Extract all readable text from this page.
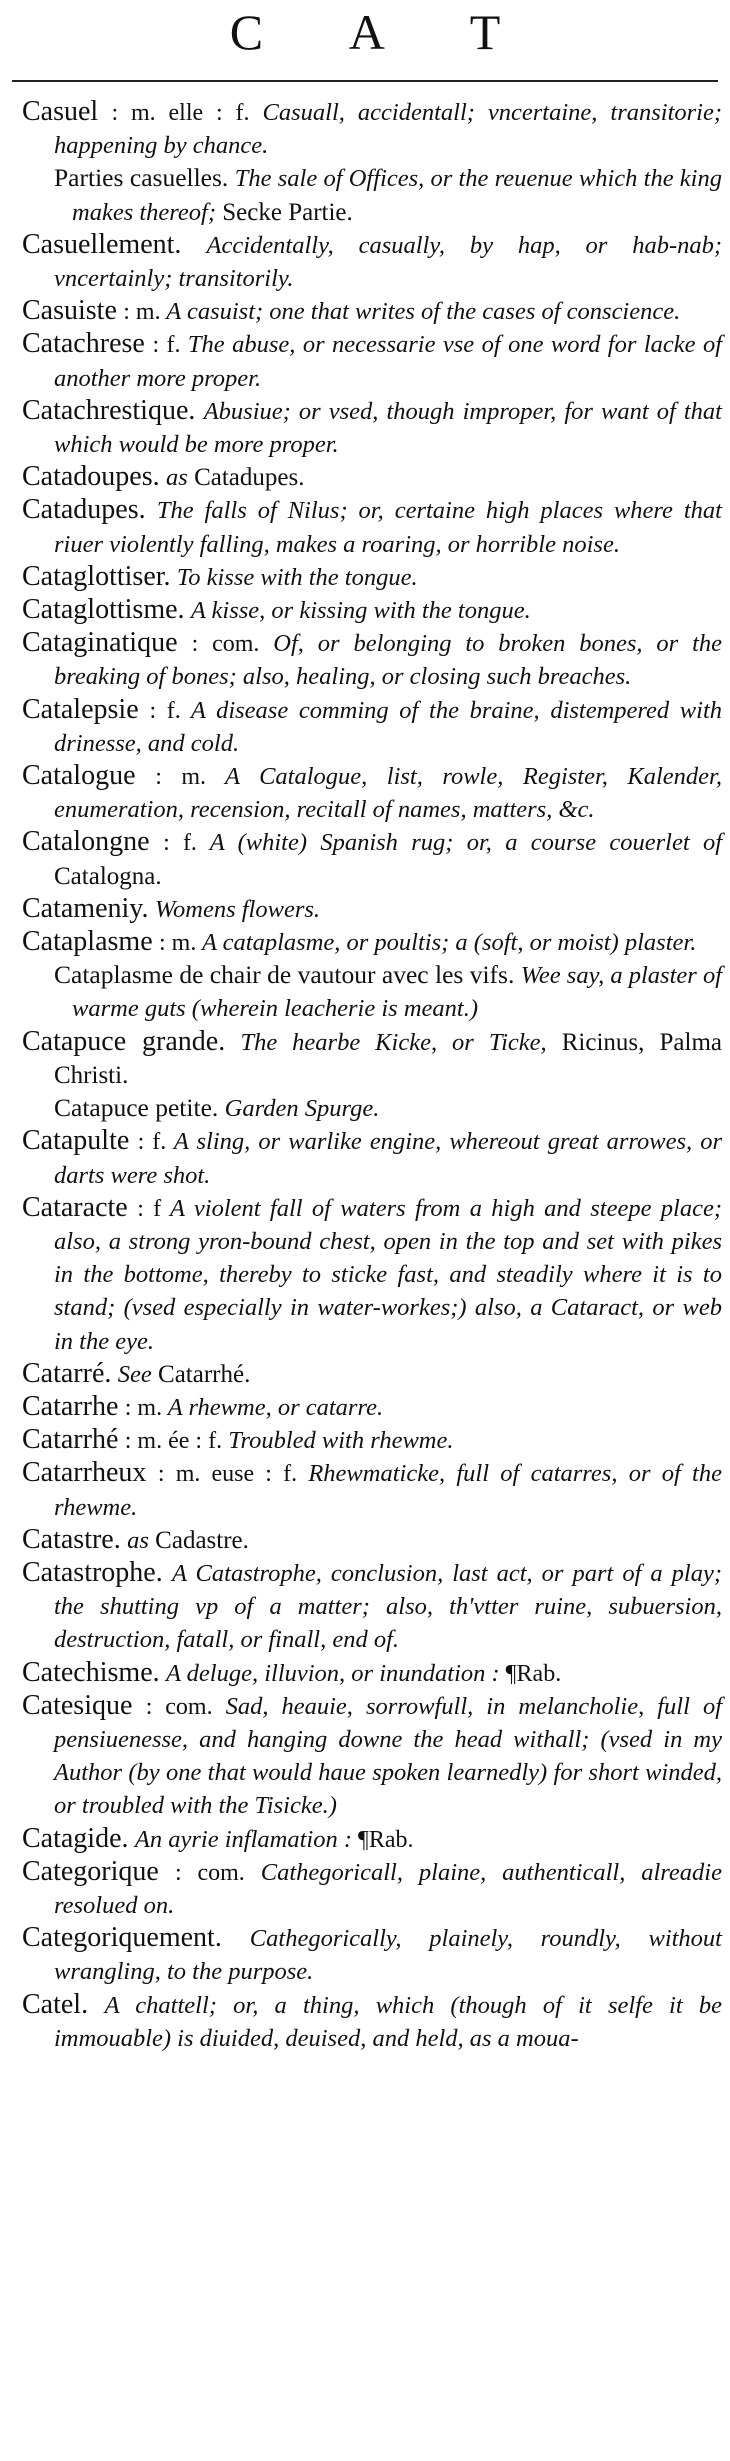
C A T

Casuel : m. elle : f. Casuall, accidentall; vncertaine, transitorie; happening by chance.

Parties casuelles. The sale of Offices, or the reuenue which the king makes thereof; Secke Partie.

Casuellement. Accidentally, casually, by hap, or hab-nab; vncertainly; transitorily.

Casuiste : m. A casuist; one that writes of the cases of conscience.

Catachrese : f. The abuse, or necessarie vse of one word for lacke of another more proper.

Catachrestique. Abusiue; or vsed, though improper, for want of that which would be more proper.

Catadoupes. as Catadupes.

Catadupes. The falls of Nilus; or, certaine high places where that riuer violently falling, makes a roaring, or horrible noise.

Cataglottiser. To kisse with the tongue.

Cataglottisme. A kisse, or kissing with the tongue.

Cataginatique : com. Of, or belonging to broken bones, or the breaking of bones; also, healing, or closing such breaches.

Catalepsie : f. A disease comming of the braine, distempered with drinesse, and cold.

Catalogue : m. A Catalogue, list, rowle, Register, Kalender, enumeration, recension, recitall of names, matters, &c.

Catalongne : f. A (white) Spanish rug; or, a course couerlet of Catalogna.

Catameniy. Womens flowers.

Cataplasme : m. A cataplasme, or poultis; a (soft, or moist) plaster.

Cataplasme de chair de vautour avec les vifs. Wee say, a plaster of warme guts (wherein leacherie is meant.)

Catapuce grande. The hearbe Kicke, or Ticke, Ricinus, Palma Christi.

Catapuce petite. Garden Spurge.

Catapulte : f. A sling, or warlike engine, whereout great arrowes, or darts were shot.

Cataracte : f A violent fall of waters from a high and steepe place; also, a strong yron-bound chest, open in the top and set with pikes in the bottome, thereby to sticke fast, and steadily where it is to stand; (vsed especially in water-workes;) also, a Cataract, or web in the eye.

Catarré. See Catarrhé.

Catarrhe : m. A rhewme, or catarre.

Catarrhé : m. ée : f. Troubled with rhewme.

Catarrheux : m. euse : f. Rhewmaticke, full of catarres, or of the rhewme.

Catastre. as Cadastre.

Catastrophe. A Catastrophe, conclusion, last act, or part of a play; the shutting vp of a matter; also, th'vtter ruine, subuersion, destruction, fatall, or finall, end of.

Catechisme. A deluge, illuvion, or inundation : ¶Rab.

Catesique : com. Sad, heauie, sorrowfull, in melancholie, full of pensiuenesse, and hanging downe the head withall; (vsed in my Author (by one that would haue spoken learnedly) for short winded, or troubled with the Tisicke.)

Catagide. An ayrie inflamation : ¶Rab.

Categorique : com. Cathegoricall, plaine, authenticall, alreadie resolued on.

Categoriquement. Cathegorically, plainely, roundly, without wrangling, to the purpose.

Catel. A chattell; or, a thing, which (though of it selfe it be immouable) is diuided, deuised, and held, as a moua-
